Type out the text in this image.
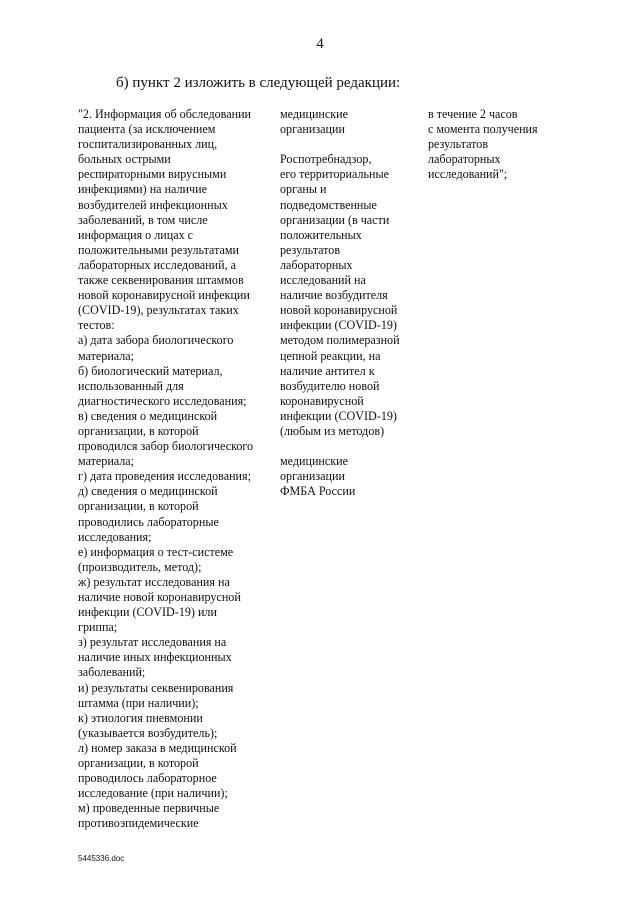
4
б) пункт 2 изложить в следующей редакции:

"2. Информация об обследовании
пациента (за исключением
госпитализированных лиц,
больных острыми
респираторными вирусными
инфекциями) на наличие
возбудителей инфекционных
заболеваний, в том числе
информация о лицах с
положительными результатами
лабораторных исследований, а
также секвенирования штаммов
новой коронавирусной инфекции
(COVID-19), результатах таких
тестов:
а) дата забора биологического
материала;
б) биологический материал,
использованный для
диагностического исследования;
в) сведения о медицинской
организации, в которой
проводился забор биологического
материала;
г) дата проведения исследования;
д) сведения о медицинской
организации, в которой
проводились лабораторные
исследования;
е) информация о тест-системе
(производитель, метод);
ж) результат исследования на
наличие новой коронавирусной
инфекции (COVID-19) или
гриппа;
з) результат исследования на
наличие иных инфекционных
заболеваний;
и) результаты секвенирования
штамма (при наличии);
к) этиология пневмонии
(указывается возбудитель);
л) номер заказа в медицинской
организации, в которой
проводилось лабораторное
исследование (при наличии);
м) проведенные первичные
противоэпидемические

медицинские
организации

Роспотребнадзор,
его территориальные
органы и
подведомственные
организации (в части
положительных
результатов
лабораторных
исследований на
наличие возбудителя
новой коронавирусной
инфекции (COVID-19)
методом полимеразной
цепной реакции, на
наличие антител к
возбудителю новой
коронавирусной
инфекции (COVID-19)
(любым из методов)

медицинские
организации
ФМБА России

в течение 2 часов
с момента получения
результатов
лабораторных
исследований";

5445336.doc
